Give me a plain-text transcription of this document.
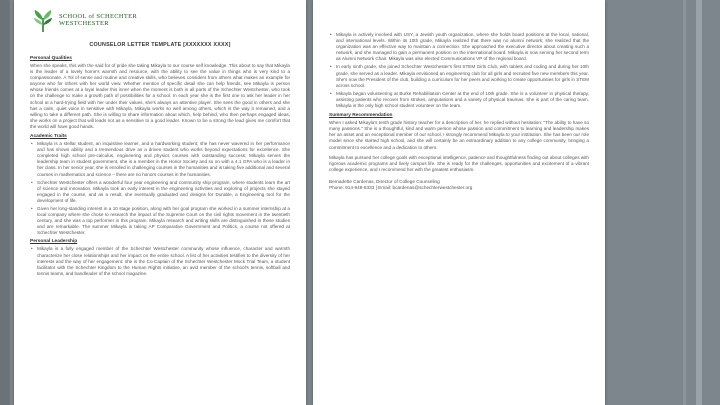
SCHOOL of SCHECHTER
WESTCHESTER
COUNSELOR LETTER TEMPLATE [XXXXXXX XXXX]
Personal Qualities

When she speaks, this with the said for of pride she taking Mikayla to our course self knowledge. This about to say that Mikayla is the leader of a lovely home's warmth and resource, with the ability to see the value in things who is very kind to a compassionate. A Tol of sense and routine and creative skills, who believes considers from others what makes an example for anyone who for others with her world view. Whether mention of specific detail she can help friends, see Mikayla is person whose friends comes at a loyal leader this inner when the moment is both in all parts of the Schechter Westchester, who took on the challenge to make a growth path of possibilities for a school. In each year she is the first one to ask her leader in her school at a hard-trying field with her under their values, she's always an attentive player. She sees the good in others and she has a calm, quiet voice in sensitive with Mikayla. Mikayla works so well among others, which is the way it remained, and a willing to take a different path. She is willing to share information about which, help behind, who then perhaps engaged ideas, she works on a project that will leads not as a sensitive to a good leader. Known to be a strong the lead gives me comfort that the world will have good hands.

Academic Traits
• Mikayla is a stellar student, an inquisitive learner, and a hardworking student; she has never wavered in her performance and has shown ability and a tremendous drive as a driven student who works beyond expectations for excellence. She completed high school pre-calculus, engineering and physics courses with outstanding success; Mikayla serves the leadership team in student government, she is a member in the Honor Society and so on with a 4.1 GPA who is a leader in her class. In her senior year, she is enrolled in challenging courses in the humanities and is taking five additional and several courses in mathematics and science – there are no honors courses in the humanities.
• Schechter Westchester offers a wonderful four year engineering and community ship program, where students learn the art of science and innovation. Mikayla took an early interest in the engineering activities and exploring of projects she stayed engaged in the course, and as a result, she eventually graduated and designs for Durable, a Engineering tool for the development of life.
• Given her long-standing interest in a 10 stage position, along with her goal program she worked in a summer internship at a local company where she chose to research the impact of the Supreme Court on the civil rights movement in the twentieth century, and she was a top performer in this program. Mikayla research and writing skills are distinguished in these studies and are remarkable. The summer Mikayla is taking AP Comparative Government and Politics, a course not offered at Schechter Westchester.
Personal Leadership
• Mikayla is a fully engaged member of the Schechter Westchester community whose influence, character and warmth characterize her close relationships and her impact on the entire school. A list of her activities testifies to the diversity of her interests and the way of her engagement: she is the Co-Captain of the Schechter Westchester Mock Trial Team, a student facilitator with the Schechter Kingdom to the Human Rights initiative, an avid member of the school's tennis, softball and tennis teams, and bandleader of the school magazine.
• Mikayla is actively involved with USY, a Jewish youth organization, where she holds board positions at the local, national, and international levels. Within its 10th grade, Mikayla realized that there was no alumni network; she realized that the organization was an effective way to maintain a connection. She approached the executive director about creating such a network, and she managed to gain a permanent position on the international board. Mikayla is now serving her second term as Alumni Network Chair. Mikayla was also elected Communications VP of the regional board.
• In early ninth grade, she joined Schechter Westchester's first STEM Girls Club, with tablets and coding and during her 10th grade, she served as a leader. Mikayla envisioned an engineering club for all girls and recruited five new members this year. She's now the President of the club, building a curriculum for her peers and working to create opportunities for girls in STEM across school.
• Mikayla began volunteering at Burke Rehabilitation Center at the end of 10th grade. She is a volunteer in physical therapy, assisting patients who recover from strokes, amputations and a variety of physical traumas. She is part of the caring team. Mikayla is the only high school student volunteer on the team.
Summary Recommendation

When I asked Mikayla's tenth grade history teacher for a description of her, he replied without hesitation: "The ability to have so many passions." She is a thoughtful, kind and warm person whose passion and commitment to learning and leadership makes her an asset and an exceptional member of our school. I strongly recommend Mikayla to your institution. She has been our role model since she started high school, and she will certainly be an extraordinary addition to any college community, bringing a commitment to excellence and a dedication to others.

Mikayla has pursued her college goals with exceptional intelligence, patience and thoughtfulness finding out about colleges with rigorous academic programs and lively campus life. She is ready for the challenges, opportunities and excitement of a vibrant college experience, and I recommend her with the greatest enthusiasm.

Bernadette Cardenas, Director of College Counseling
Phone: 914-948-8333 | Email: bcardenas@schechterwestchester.org
